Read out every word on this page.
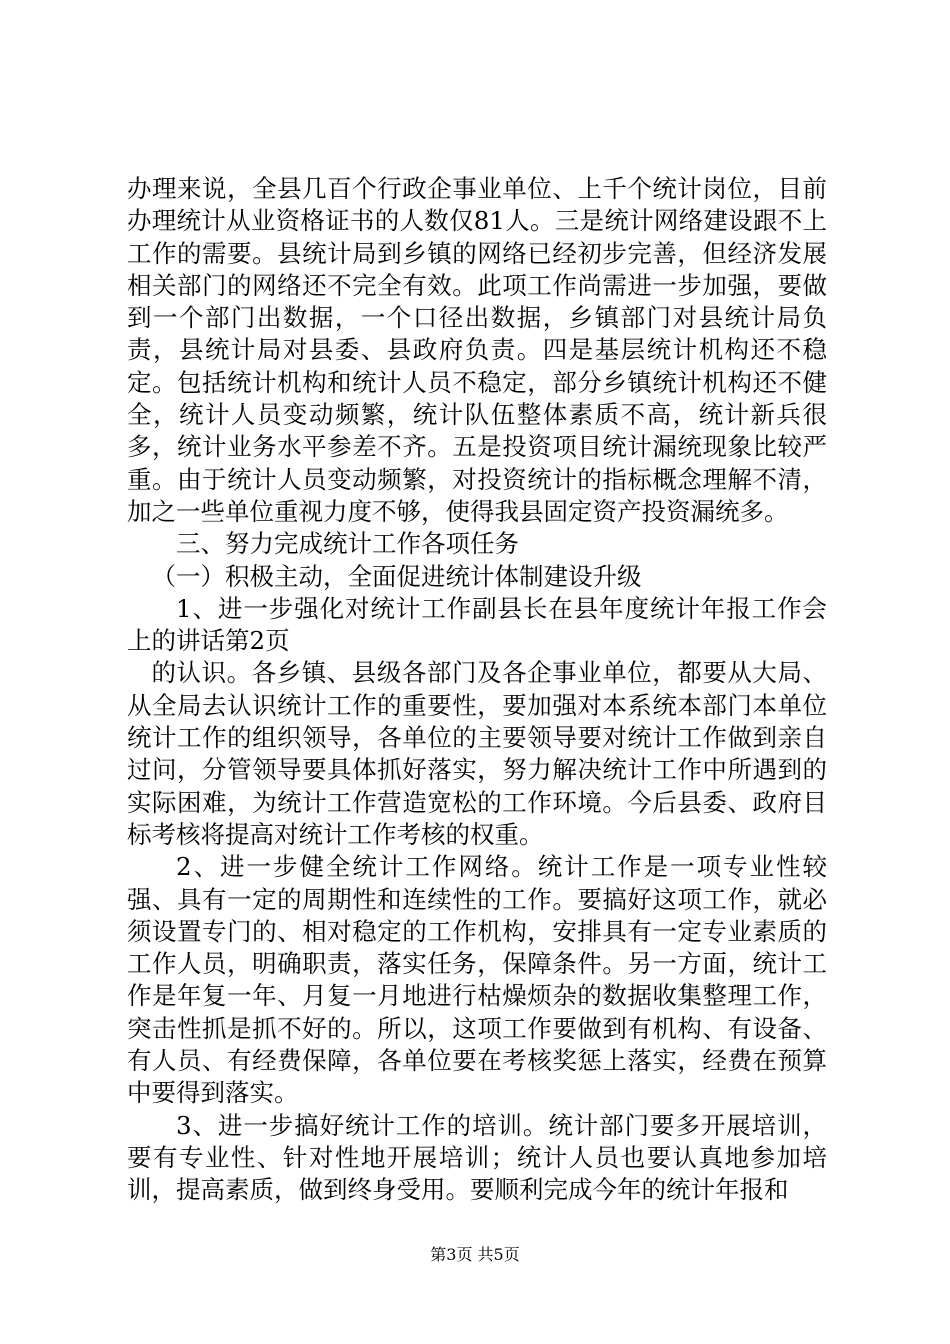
办理来说，全县几百个行政企事业单位、上千个统计岗位，目前办理统计从业资格证书的人数仅81人。三是统计网络建设跟不上工作的需要。县统计局到乡镇的网络已经初步完善，但经济发展相关部门的网络还不完全有效。此项工作尚需进一步加强，要做到一个部门出数据，一个口径出数据，乡镇部门对县统计局负责，县统计局对县委、县政府负责。四是基层统计机构还不稳定。包括统计机构和统计人员不稳定，部分乡镇统计机构还不健全，统计人员变动频繁，统计队伍整体素质不高，统计新兵很多，统计业务水平参差不齐。五是投资项目统计漏统现象比较严重。由于统计人员变动频繁，对投资统计的指标概念理解不清，加之一些单位重视力度不够，使得我县固定资产投资漏统多。

三、努力完成统计工作各项任务

（一）积极主动，全面促进统计体制建设升级

1、进一步强化对统计工作副县长在县年度统计年报工作会上的讲话第2页

的认识。各乡镇、县级各部门及各企事业单位，都要从大局、从全局去认识统计工作的重要性，要加强对本系统本部门本单位统计工作的组织领导，各单位的主要领导要对统计工作做到亲自过问，分管领导要具体抓好落实，努力解决统计工作中所遇到的实际困难，为统计工作营造宽松的工作环境。今后县委、政府目标考核将提高对统计工作考核的权重。

2、进一步健全统计工作网络。统计工作是一项专业性较强、具有一定的周期性和连续性的工作。要搞好这项工作，就必须设置专门的、相对稳定的工作机构，安排具有一定专业素质的工作人员，明确职责，落实任务，保障条件。另一方面，统计工作是年复一年、月复一月地进行枯燥烦杂的数据收集整理工作，突击性抓是抓不好的。所以，这项工作要做到有机构、有设备、有人员、有经费保障，各单位要在考核奖惩上落实，经费在预算中要得到落实。

3、进一步搞好统计工作的培训。统计部门要多开展培训，要有专业性、针对性地开展培训；统计人员也要认真地参加培训，提高素质，做到终身受用。要顺利完成今年的统计年报和

第3页 共5页
